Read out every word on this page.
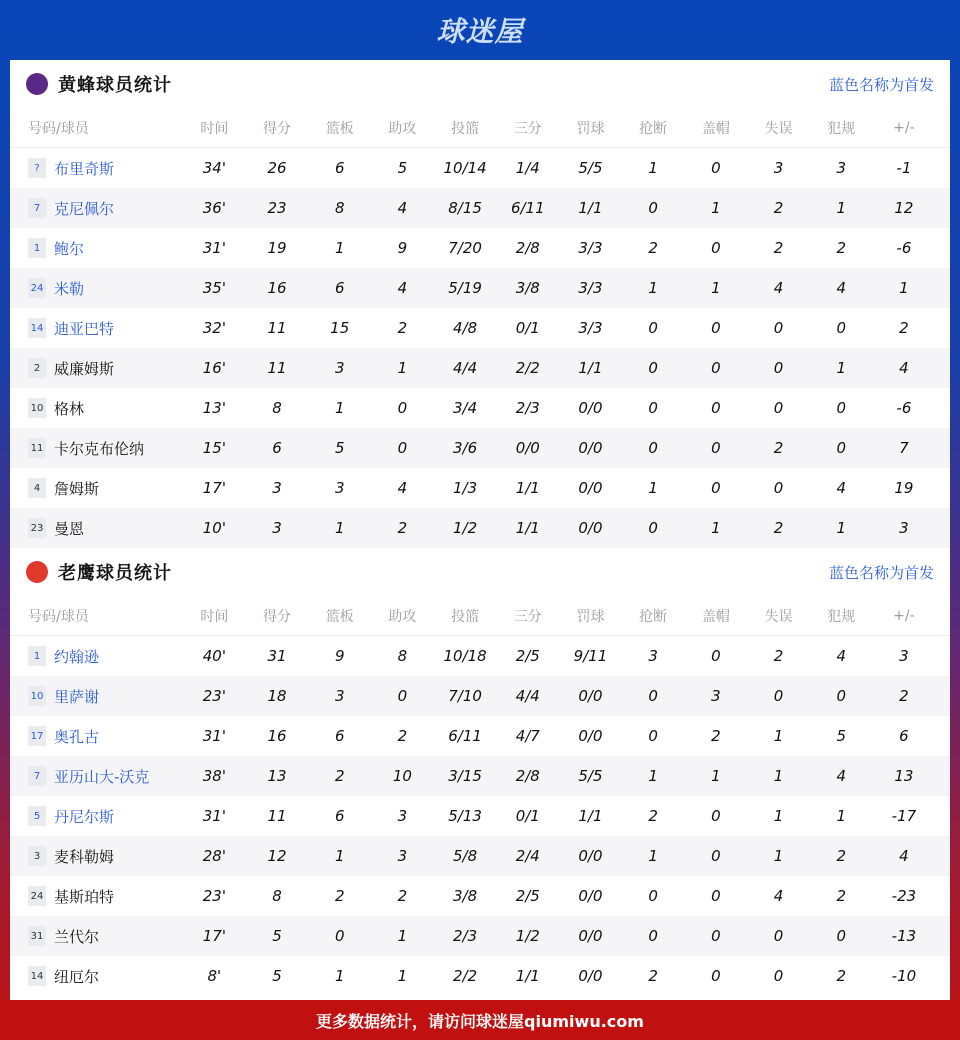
球迷屋
黄蜂球员统计	蓝色名称为首发
号码/球员	时间	得分	篮板	助攻	投篮	三分	罚球	抢断	盖帽	失误	犯规	+/-
? 布里奇斯	34'	26	6	5	10/14	1/4	5/5	1	0	3	3	-1
7 克尼佩尔	36'	23	8	4	8/15	6/11	1/1	0	1	2	1	12
1 鲍尔	31'	19	1	9	7/20	2/8	3/3	2	0	2	2	-6
24 米勒	35'	16	6	4	5/19	3/8	3/3	1	1	4	4	1
14 迪亚巴特	32'	11	15	2	4/8	0/1	3/3	0	0	0	0	2
2 威廉姆斯	16'	11	3	1	4/4	2/2	1/1	0	0	0	1	4
10 格林	13'	8	1	0	3/4	2/3	0/0	0	0	0	0	-6
11 卡尔克布伦纳	15'	6	5	0	3/6	0/0	0/0	0	0	2	0	7
4 詹姆斯	17'	3	3	4	1/3	1/1	0/0	1	0	0	4	19
23 曼恩	10'	3	1	2	1/2	1/1	0/0	0	1	2	1	3
老鹰球员统计	蓝色名称为首发
号码/球员	时间	得分	篮板	助攻	投篮	三分	罚球	抢断	盖帽	失误	犯规	+/-
1 约翰逊	40'	31	9	8	10/18	2/5	9/11	3	0	2	4	3
10 里萨谢	23'	18	3	0	7/10	4/4	0/0	0	3	0	0	2
17 奥孔古	31'	16	6	2	6/11	4/7	0/0	0	2	1	5	6
7 亚历山大-沃克	38'	13	2	10	3/15	2/8	5/5	1	1	1	4	13
5 丹尼尔斯	31'	11	6	3	5/13	0/1	1/1	2	0	1	1	-17
3 麦科勒姆	28'	12	1	3	5/8	2/4	0/0	1	0	1	2	4
24 基斯珀特	23'	8	2	2	3/8	2/5	0/0	0	0	4	2	-23
31 兰代尔	17'	5	0	1	2/3	1/2	0/0	0	0	0	0	-13
14 纽厄尔	8'	5	1	1	2/2	1/1	0/0	2	0	0	2	-10
更多数据统计，请访问球迷屋qiumiwu.com
